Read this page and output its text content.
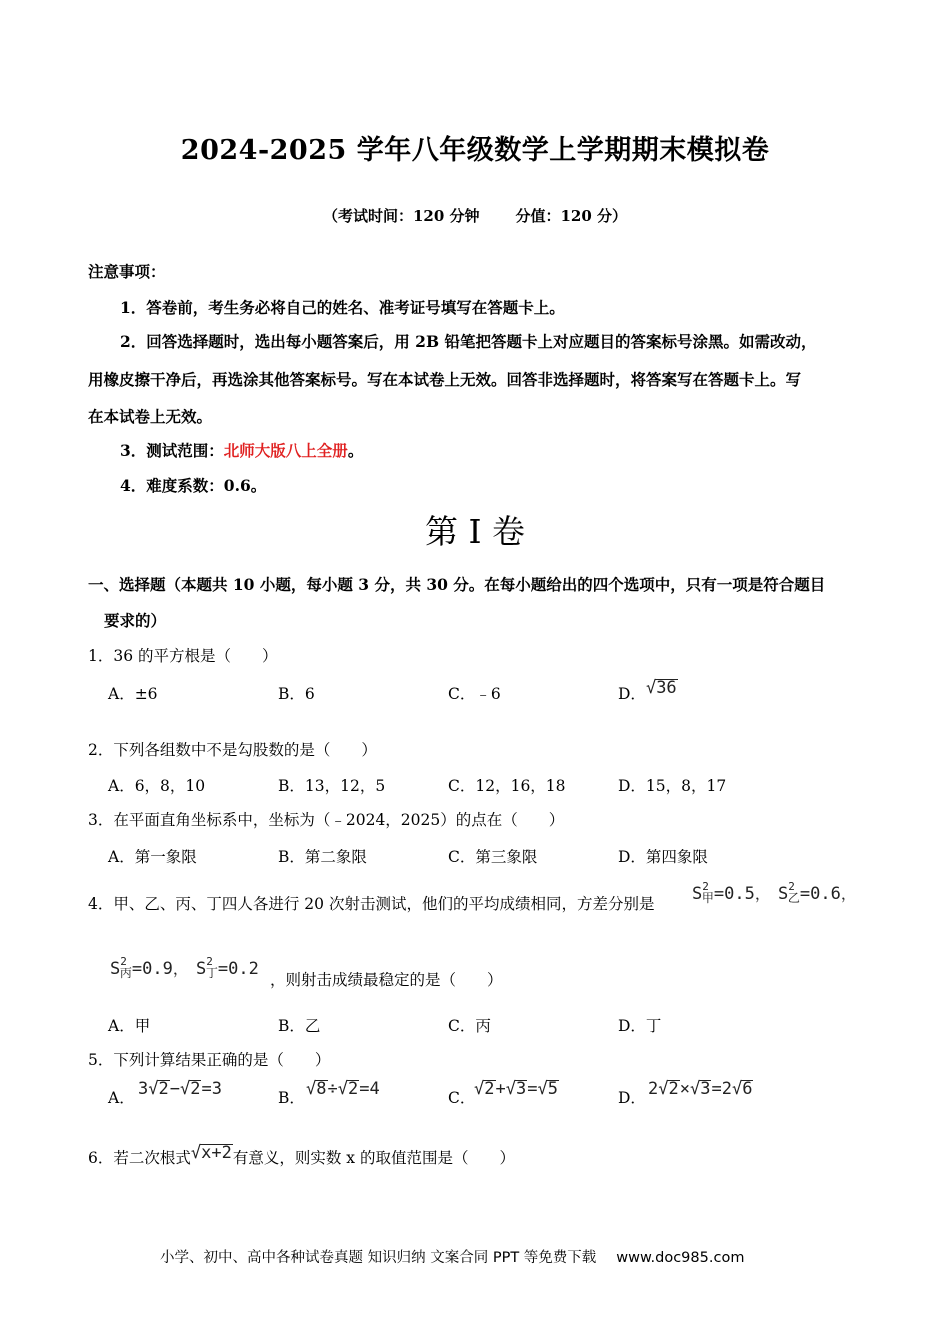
2024-2025 学年八年级数学上学期期末模拟卷
（考试时间：120 分钟 分值：120 分）
注意事项：
1．答卷前，考生务必将自己的姓名、准考证号填写在答题卡上。
2．回答选择题时，选出每小题答案后，用 2B 铅笔把答题卡上对应题目的答案标号涂黑。如需改动，
用橡皮擦干净后，再选涂其他答案标号。写在本试卷上无效。回答非选择题时，将答案写在答题卡上。写
在本试卷上无效。
3．测试范围：北师大版八上全册。
4．难度系数：0.6。
第 I 卷
一、选择题（本题共 10 小题，每小题 3 分，共 30 分。在每小题给出的四个选项中，只有一项是符合题目
要求的）
1．36 的平方根是（　　）
A．±6	B．6	C．﹣6	D．√36
2．下列各组数中不是勾股数的是（　　）
A．6，8，10	B．13，12，5	C．12，16，18	D．15，8，17
3．在平面直角坐标系中，坐标为（﹣2024，2025）的点在（　　）
A．第一象限	B．第二象限	C．第三象限	D．第四象限
4．甲、乙、丙、丁四人各进行 20 次射击测试，他们的平均成绩相同，方差分别是 $S^2$甲=0.5， $S^2$乙=0.6，
$S^2$丙=0.9， $S^2$丁=0.2
，则射击成绩最稳定的是（　　）
A．甲	B．乙	C．丙	D．丁
5．下列计算结果正确的是（　　）
A． 3√2−√2=3	B． √8÷√2=4	C．
√2+√3=√5	D． 2√2×√3=2√6
6．若二次根式√x+2有意义，则实数 x 的取值范围是（　　）
小学、初中、高中各种试卷真题 知识归纳 文案合同 PPT 等免费下载 www.doc985.com
